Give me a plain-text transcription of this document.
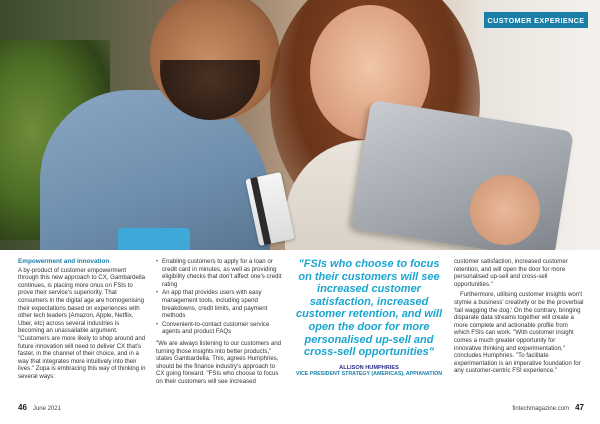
CUSTOMER EXPERIENCE
Empowerment and innovation

A by-product of customer empowerment through this new approach to CX, Gambardella continues, is placing more onus on FSIs to prove their service's superiority. That consumers in the digital age are homogenising their expectations based on experiences with other tech leaders (Amazon, Apple, Netflix, Uber, etc) across several industries is becoming an unassailable argument. "Customers are more likely to shop around and future innovation will need to deliver CX that's faster, in the channel of their choice, and in a way that integrates more intuitively into their lives." Zopa is embracing this way of thinking in several ways:

• Enabling customers to apply for a loan or credit card in minutes, as well as providing eligibility checks that don't affect one's credit rating
• An app that provides users with easy management tools, including spend breakdowns, credit limits, and payment methods
• Convenient-to-contact customer service agents and product FAQs

"We are always listening to our customers and turning those insights into better products," states Gambardella. This, agrees Humphries, should be the finance industry's approach to CX going forward. "FSIs who choose to focus on their customers will see increased

"FSIs who choose to focus on their customers will see increased customer satisfaction, increased customer retention, and will open the door for more personalised up-sell and cross-sell opportunities"
ALLISON HUMPHRIES
VICE PRESIDENT STRATEGY (AMERICAS), APPIANATION

customer satisfaction, increased customer retention, and will open the door for more personalised up-sell and cross-sell opportunities."

Furthermore, utilising customer insights won't stymie a business' creativity or be the proverbial 'tail wagging the dog.' On the contrary, bringing disparate data streams together will create a more complete and actionable profile from which FSIs can work. "With customer insight comes a much greater opportunity for innovative thinking and experimentation," concludes Humphries. "To facilitate experimentation is an imperative foundation for any customer-centric FSI experience."

46 June 2021	fintechmagazine.com 47
